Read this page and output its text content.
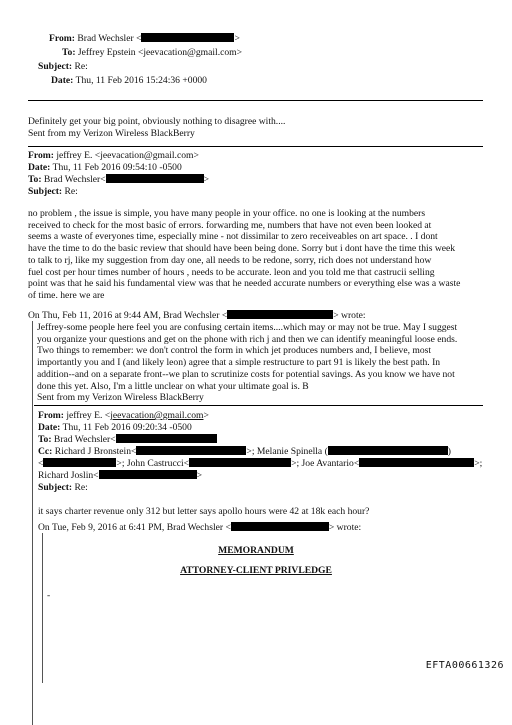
From: Brad Wechsler <	>
To: Jeffrey Epstein <jeevacation@gmail.com>
Subject: Re:
Date: Thu, 11 Feb 2016 15:24:36 +0000
Definitely get your big point, obviously nothing to disagree with....
Sent from my Verizon Wireless BlackBerry
From: jeffrey E. <jeevacation@gmail.com>
Date: Thu, 11 Feb 2016 09:54:10 -0500
To: Brad Wechsler<	>
Subject: Re:
no problem , the issue is simple, you have many people in your office. no one is looking at the numbers
received to check for the most basic of errors. forwarding me, numbers that have not even been looked at
seems a waste of everyones time, especially mine - not dissimilar to zero receiveables on art space. . I dont
have the time to do the basic review that should have been being done. Sorry but i dont have the time this week
to talk to rj, like my suggestion from day one, all needs to be redone, sorry, rich does not understand how
fuel cost per hour times number of hours , needs to be accurate. leon and you told me that castrucii selling
point was that he said his fundamental view was that he needed accurate numbers or everything else was a waste
of time. here we are
On Thu, Feb 11, 2016 at 9:44 AM, Brad Wechsler <	> wrote:
Jeffrey-some people here feel you are confusing certain items....which may or may not be true. May I suggest
you organize your questions and get on the phone with rich j and then we can identify meaningful loose ends.
Two things to remember: we don't control the form in which jet produces numbers and, I believe, most
importantly you and I (and likely leon) agree that a simple restructure to part 91 is likely the best path. In
addition--and on a separate front--we plan to scrutinize costs for potential savings. As you know we have not
done this yet. Also, I'm a little unclear on what your ultimate goal is. B
Sent from my Verizon Wireless BlackBerry
From: jeffrey E. <jeevacation@gmail.com>
Date: Thu, 11 Feb 2016 09:20:34 -0500
To: Brad Wechsler<
Cc: Richard J Bronstein<	>; Melanie Spinella (	)
<	>; John Castrucci<	>; Joe Avantario<	>;
Richard Joslin<	>
Subject: Re:
it says charter revenue only 312 but letter says apollo hours were 42 at 18k each hour?
On Tue, Feb 9, 2016 at 6:41 PM, Brad Wechsler <	> wrote:
MEMORANDUM
ATTORNEY-CLIENT PRIVLEDGE
-
EFTA00661326
